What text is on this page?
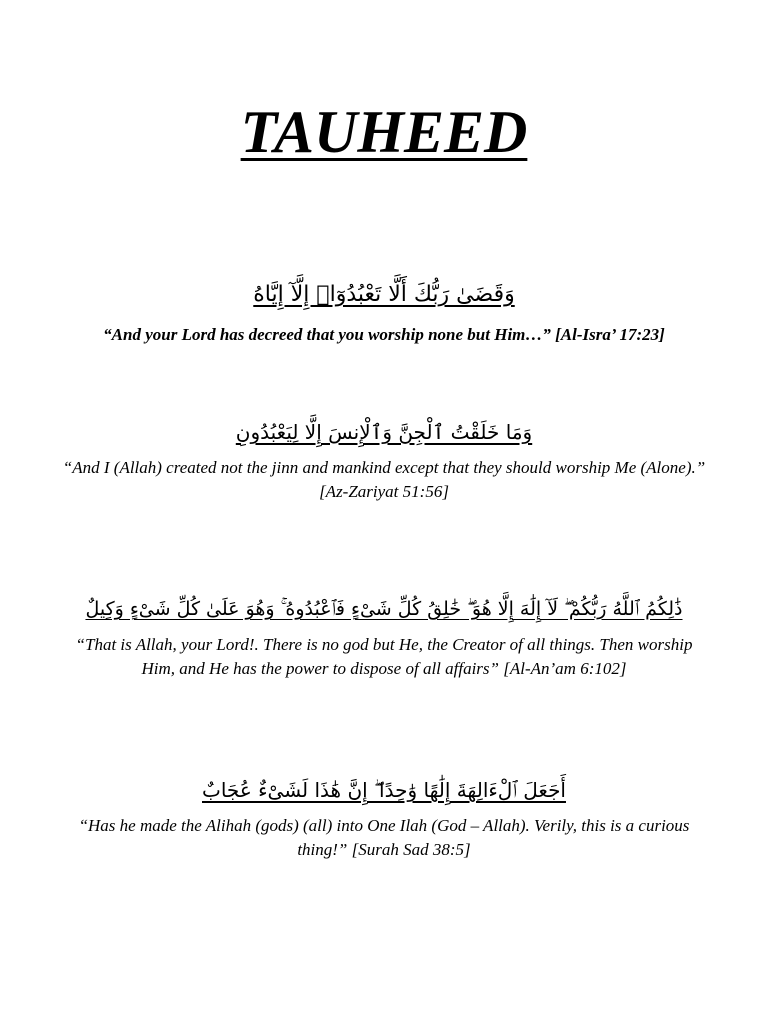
TAUHEED
وَقَضَىٰ رَبُّكَ أَلَّا تَعْبُدُوٓا۟ إِلَّآ إِيَّاهُ

“And your Lord has decreed that you worship none but Him…” [Al-Isra’ 17:23]

وَمَا خَلَقْتُ ٱلْجِنَّ وَٱلْإِنسَ إِلَّا لِيَعْبُدُونِ

“And I (Allah) created not the jinn and mankind except that they should worship Me (Alone).” [Az-Zariyat 51:56]

ذَٰلِكُمُ ٱللَّهُ رَبُّكُمْ ۖ لَآ إِلَٰهَ إِلَّا هُوَ ۖ خَٰلِقُ كُلِّ شَىْءٍ فَٱعْبُدُوهُ ۚ وَهُوَ عَلَىٰ كُلِّ شَىْءٍ وَكِيلٌ

“That is Allah, your Lord!. There is no god but He, the Creator of all things. Then worship Him, and He has the power to dispose of all affairs” [Al-An’am 6:102]

أَجَعَلَ ٱلْءَالِهَةَ إِلَٰهًا وَٰحِدًا ۖ إِنَّ هَٰذَا لَشَىْءٌ عُجَابٌ

“Has he made the Alihah (gods) (all) into One Ilah (God – Allah). Verily, this is a curious thing!” [Surah Sad 38:5]
